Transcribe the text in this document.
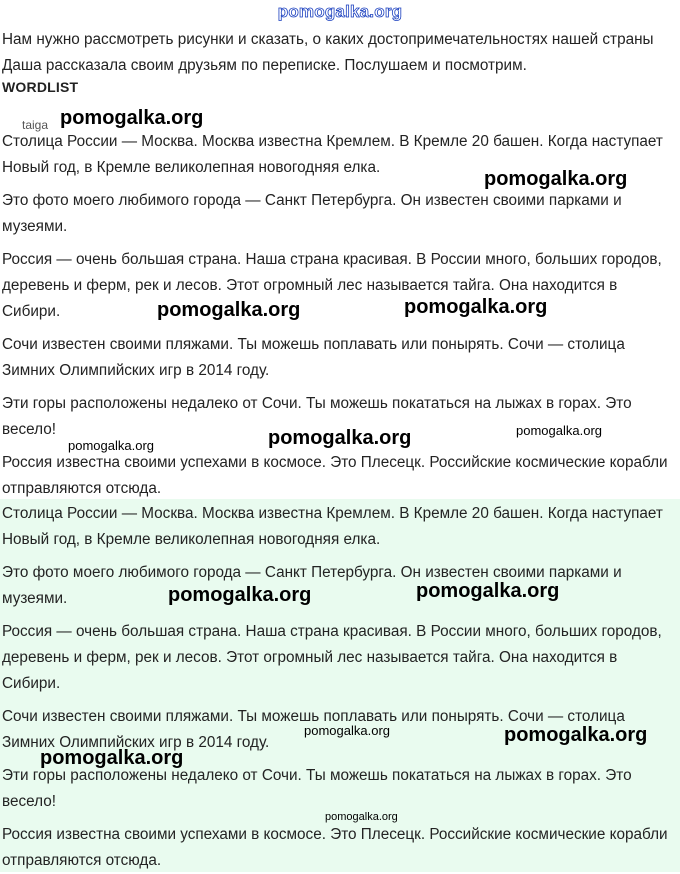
pomogalka.org

Нам нужно рассмотреть рисунки и сказать, о каких достопримечательностях нашей страны Даша рассказала своим друзьям по переписке. Послушаем и посмотрим.

WORDLIST
taiga

Столица России — Москва. Москва известна Кремлем. В Кремле 20 башен. Когда наступает Новый год, в Кремле великолепная новогодняя елка.

Это фото моего любимого города — Санкт Петербурга. Он известен своими парками и музеями.

Россия — очень большая страна. Наша страна красивая. В России много, больших городов, деревень и ферм, рек и лесов. Этот огромный лес называется тайга. Она находится в Сибири.

Сочи известен своими пляжами. Ты можешь поплавать или понырять. Сочи — столица Зимних Олимпийских игр в 2014 году.

Эти горы расположены недалеко от Сочи. Ты можешь покататься на лыжах в горах. Это весело!

Россия известна своими успехами в космосе. Это Плесецк. Российские космические корабли отправляются отсюда.

Столица России — Москва. Москва известна Кремлем. В Кремле 20 башен. Когда наступает Новый год, в Кремле великолепная новогодняя елка.

Это фото моего любимого города — Санкт Петербурга. Он известен своими парками и музеями.

Россия — очень большая страна. Наша страна красивая. В России много, больших городов, деревень и ферм, рек и лесов. Этот огромный лес называется тайга. Она находится в Сибири.

Сочи известен своими пляжами. Ты можешь поплавать или понырять. Сочи — столица Зимних Олимпийских игр в 2014 году.

Эти горы расположены недалеко от Сочи. Ты можешь покататься на лыжах в горах. Это весело!

Россия известна своими успехами в космосе. Это Плесецк. Российские космические корабли отправляются отсюда.

pomogalka.org
pomogalka.org
pomogalka.org	pomogalka.org
pomogalka.org	pomogalka.org	pomogalka.org
pomogalka.org	pomogalka.org
pomogalka.org	pomogalka.org
pomogalka.org
pomogalka.org
